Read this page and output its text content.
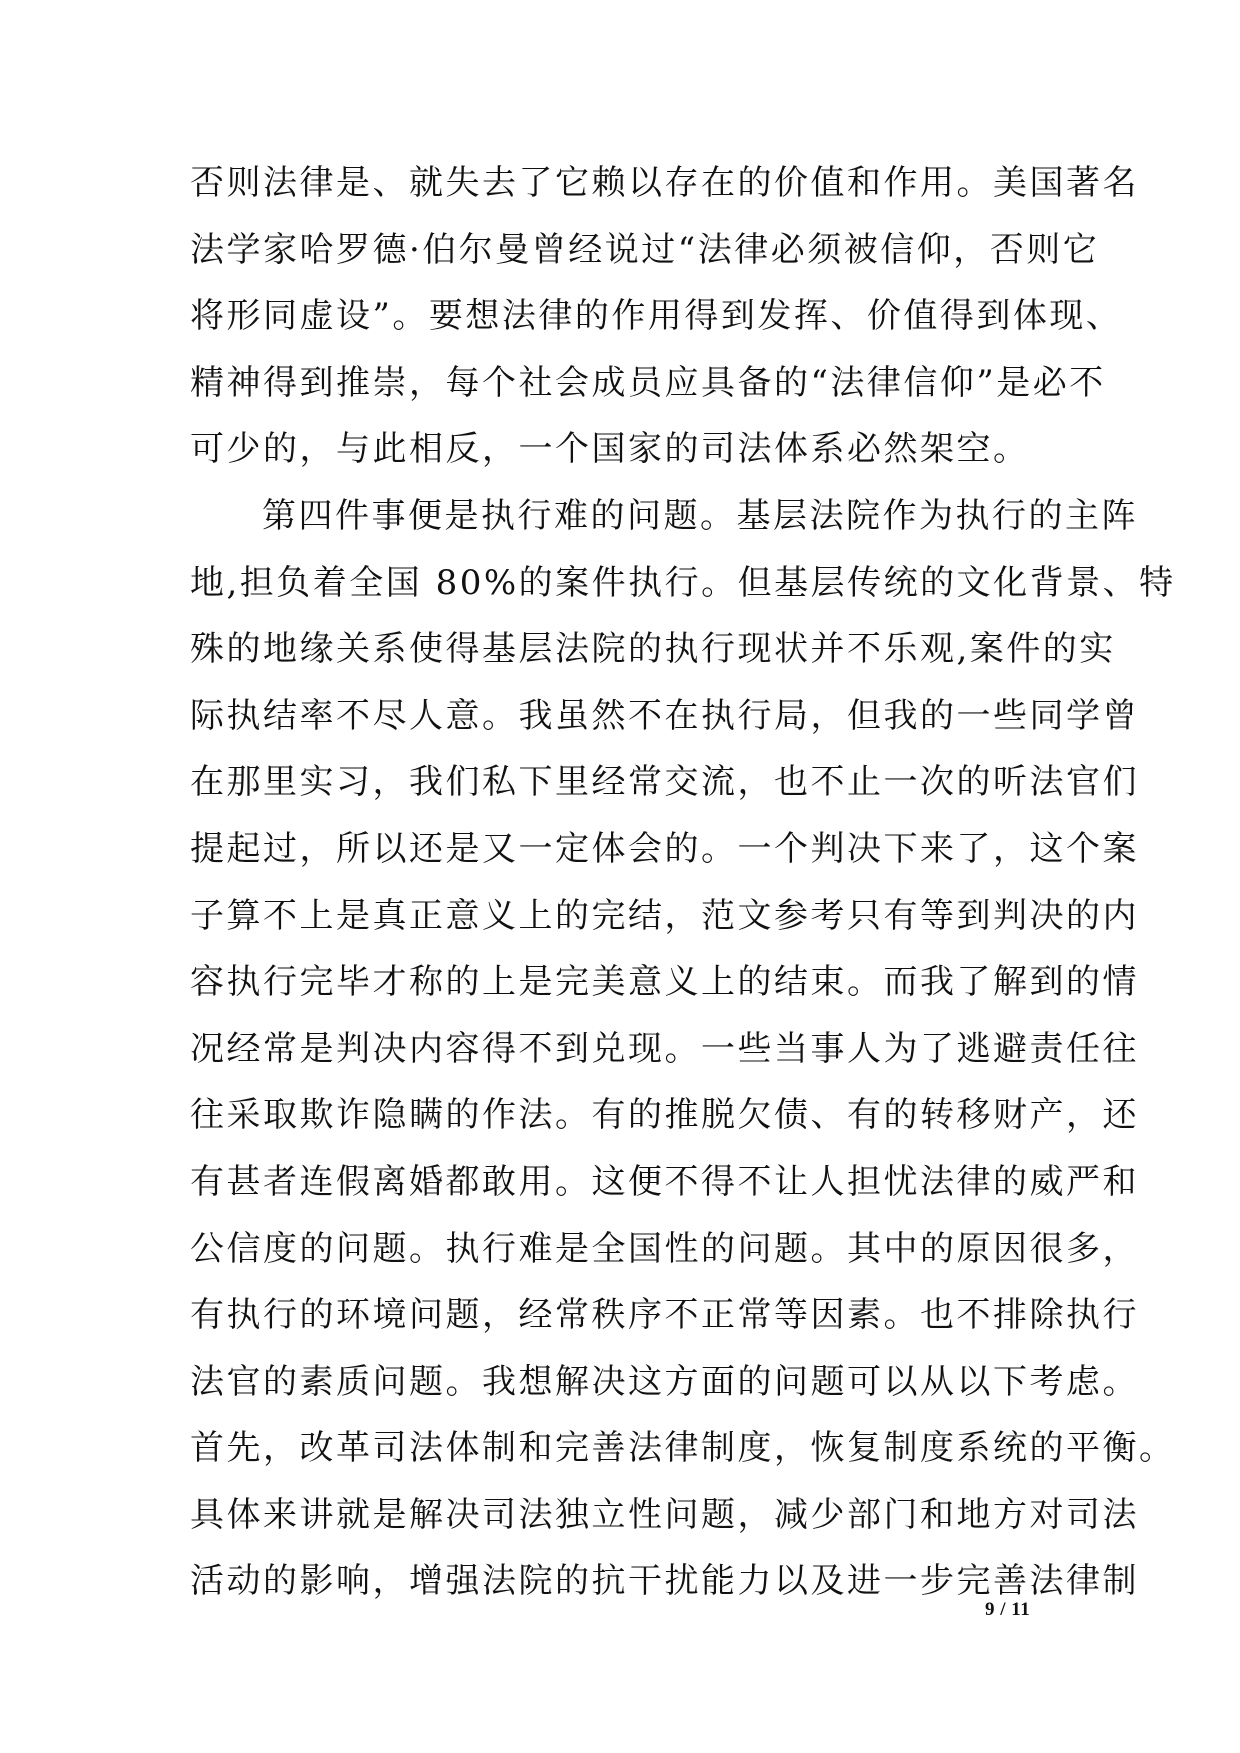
否则法律是、就失去了它赖以存在的价值和作用。美国著名
法学家哈罗德·伯尔曼曾经说过“法律必须被信仰，否则它
将形同虚设”。要想法律的作用得到发挥、价值得到体现、
精神得到推崇，每个社会成员应具备的“法律信仰”是必不
可少的，与此相反，一个国家的司法体系必然架空。
第四件事便是执行难的问题。基层法院作为执行的主阵
地,担负着全国 80%的案件执行。但基层传统的文化背景、特
殊的地缘关系使得基层法院的执行现状并不乐观,案件的实
际执结率不尽人意。我虽然不在执行局，但我的一些同学曾
在那里实习，我们私下里经常交流，也不止一次的听法官们
提起过，所以还是又一定体会的。一个判决下来了，这个案
子算不上是真正意义上的完结，范文参考只有等到判决的内
容执行完毕才称的上是完美意义上的结束。而我了解到的情
况经常是判决内容得不到兑现。一些当事人为了逃避责任往
往采取欺诈隐瞒的作法。有的推脱欠债、有的转移财产，还
有甚者连假离婚都敢用。这便不得不让人担忧法律的威严和
公信度的问题。执行难是全国性的问题。其中的原因很多，
有执行的环境问题，经常秩序不正常等因素。也不排除执行
法官的素质问题。我想解决这方面的问题可以从以下考虑。
首先，改革司法体制和完善法律制度，恢复制度系统的平衡。
具体来讲就是解决司法独立性问题，减少部门和地方对司法
活动的影响，增强法院的抗干扰能力以及进一步完善法律制
9 / 11
